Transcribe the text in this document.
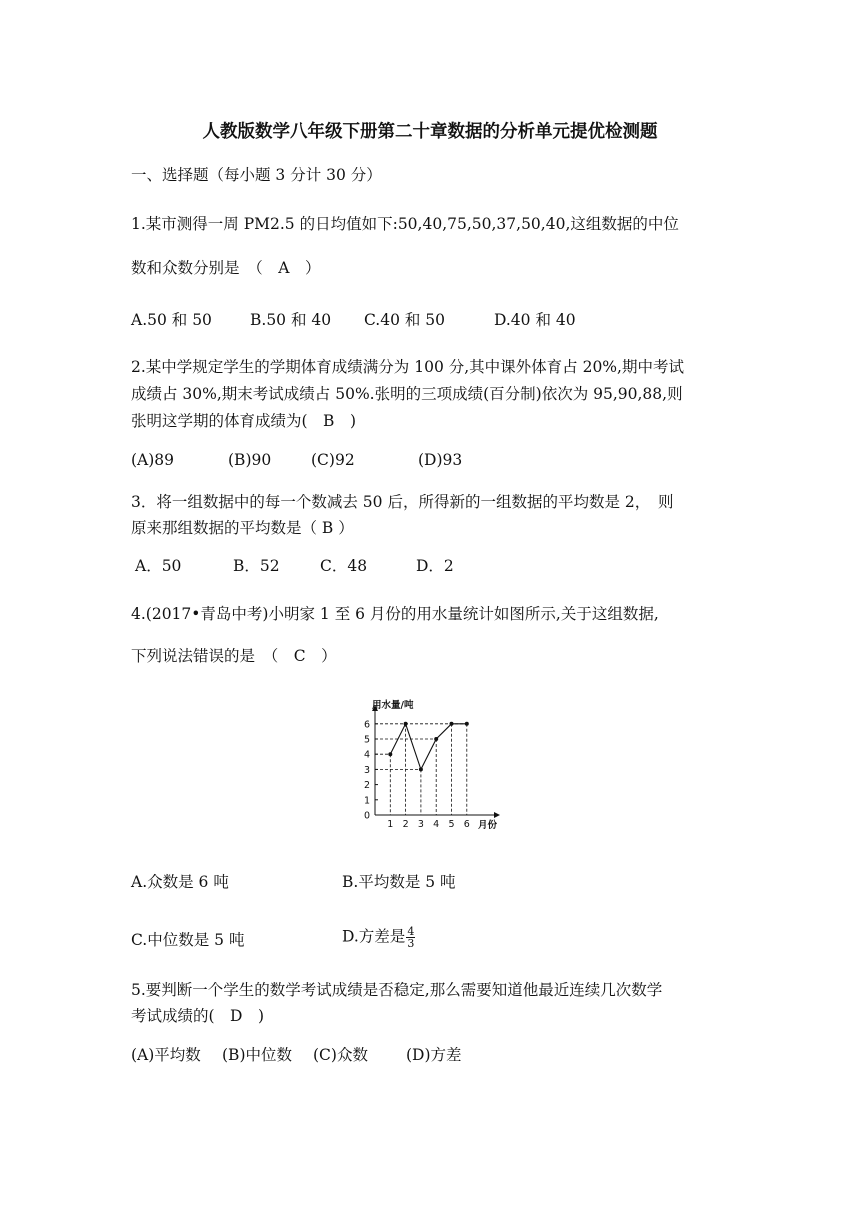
人教版数学八年级下册第二十章数据的分析单元提优检测题
一、选择题（每小题 3 分计 30 分）
1.某市测得一周 PM2.5 的日均值如下:50,40,75,50,37,50,40,这组数据的中位
数和众数分别是　（　A　）
A.50 和 50 B.50 和 40 C.40 和 50	D.40 和 40
2.某中学规定学生的学期体育成绩满分为 100 分,其中课外体育占 20%,期中考试
成绩占 30%,期末考试成绩占 50%.张明的三项成绩(百分制)依次为 95,90,88,则
张明这学期的体育成绩为(　B　)
(A)89	(B)90	(C)92	(D)93
3．将一组数据中的每一个数减去 50 后，所得新的一组数据的平均数是 2，　则
原来那组数据的平均数是（ B ）
A．50	B．52	C．48	D．2
4.(2017•青岛中考)小明家 1 至 6 月份的用水量统计如图所示,关于这组数据,
下列说法错误的是　（　C　）
用水量/吨
月份
0
1
2
3
4
5
6
1 2 3 4 5 6
A.众数是 6 吨	B.平均数是 5 吨
C.中位数是 5 吨	D.方差是 $\frac{4}{3}$
5.要判断一个学生的数学考试成绩是否稳定,那么需要知道他最近连续几次数学
考试成绩的(　D　)
(A)平均数 (B)中位数 (C)众数 (D)方差
